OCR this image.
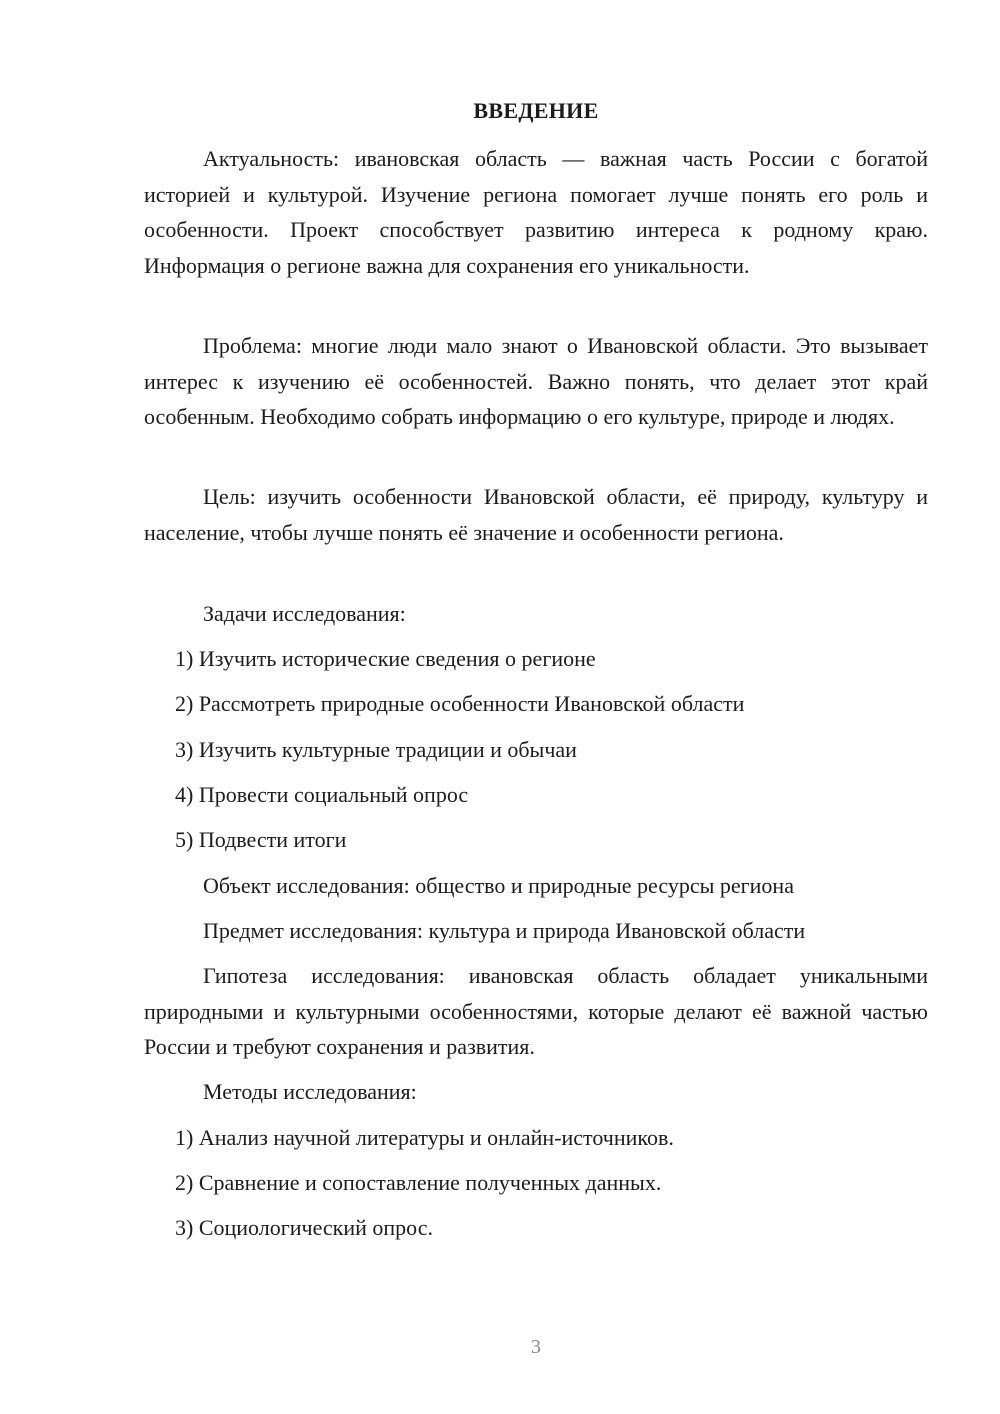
ВВЕДЕНИЕ

Актуальность: ивановская область — важная часть России с богатой историей и культурой. Изучение региона помогает лучше понять его роль и особенности. Проект способствует развитию интереса к родному краю. Информация о регионе важна для сохранения его уникальности.

Проблема: многие люди мало знают о Ивановской области. Это вызывает интерес к изучению её особенностей. Важно понять, что делает этот край особенным. Необходимо собрать информацию о его культуре, природе и людях.

Цель: изучить особенности Ивановской области, её природу, культуру и население, чтобы лучше понять её значение и особенности региона.

Задачи исследования:
1) Изучить исторические сведения о регионе
2) Рассмотреть природные особенности Ивановской области
3) Изучить культурные традиции и обычаи
4) Провести социальный опрос
5) Подвести итоги
Объект исследования: общество и природные ресурсы региона
Предмет исследования: культура и природа Ивановской области

Гипотеза исследования: ивановская область обладает уникальными природными и культурными особенностями, которые делают её важной частью России и требуют сохранения и развития.

Методы исследования:
1) Анализ научной литературы и онлайн-источников.
2) Сравнение и сопоставление полученных данных.
3) Социологический опрос.
3
